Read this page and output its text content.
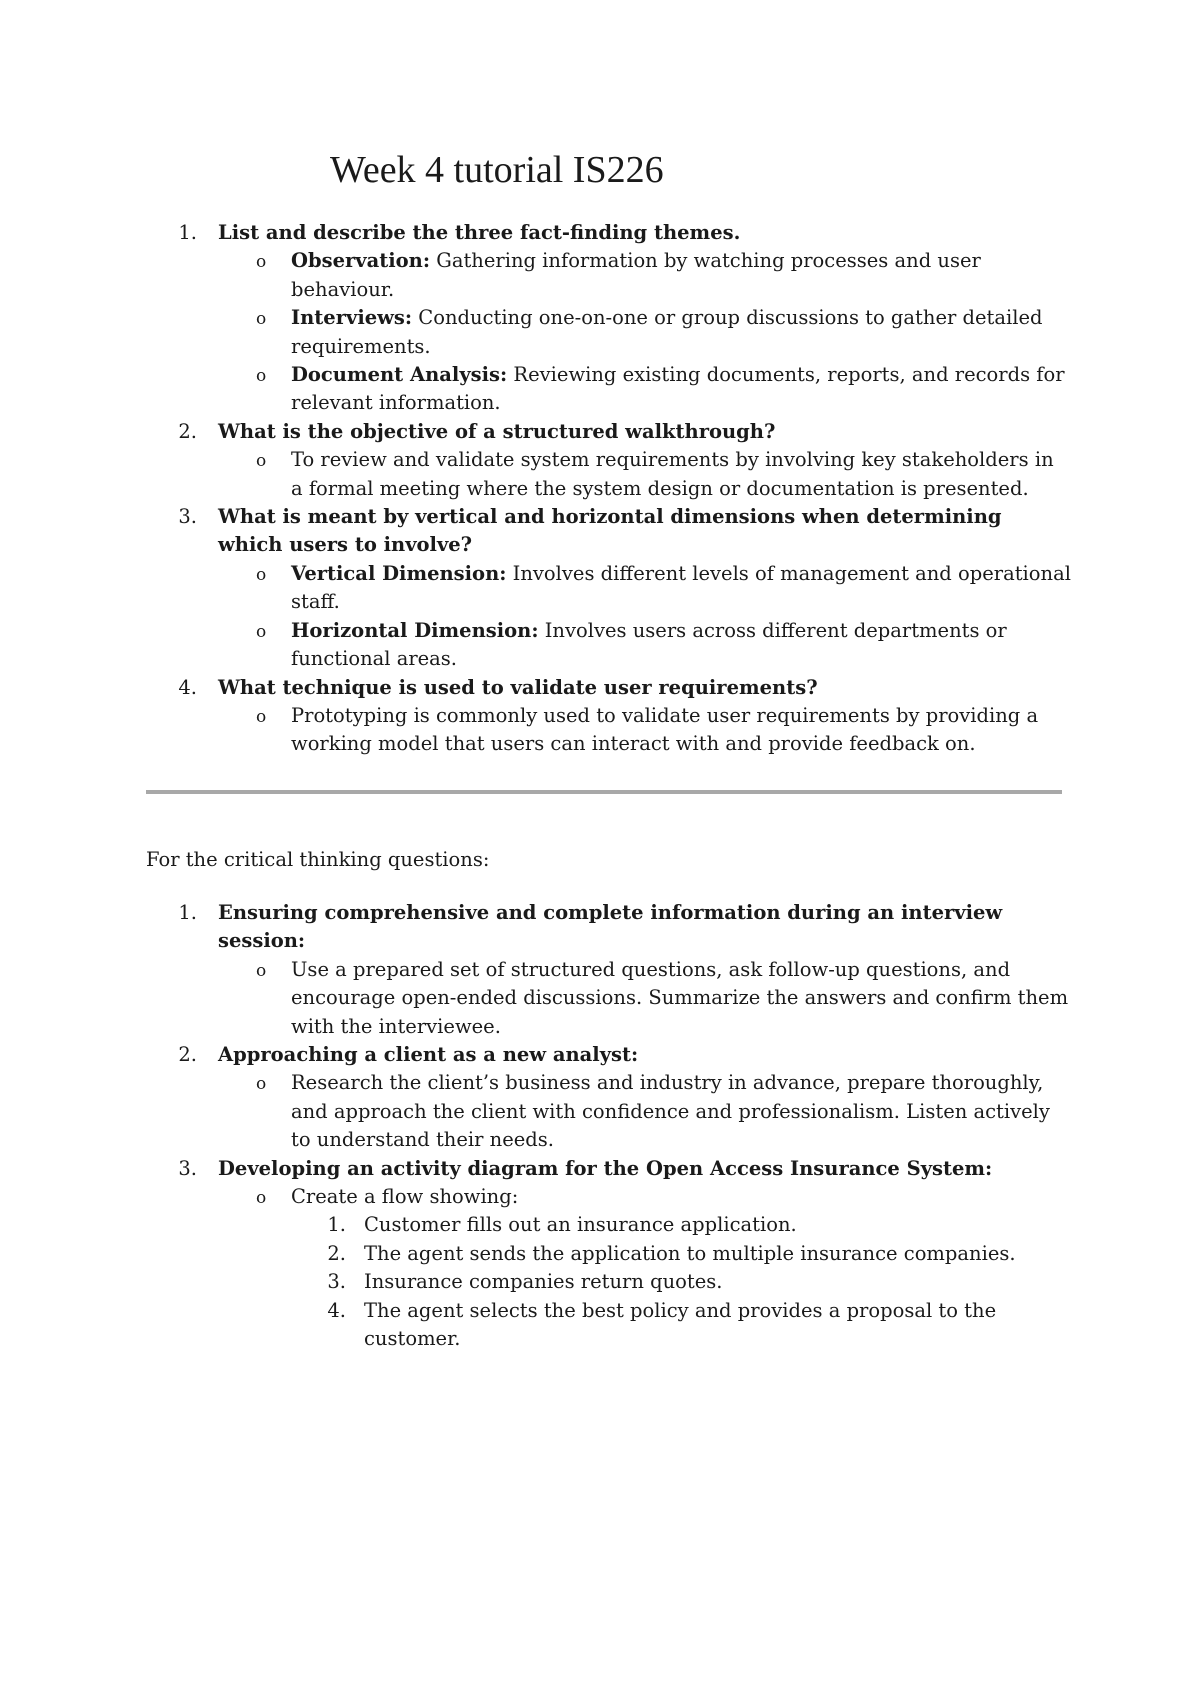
Week 4 tutorial IS226
1. List and describe the three fact-finding themes.
o Observation: Gathering information by watching processes and user behaviour.
o Interviews: Conducting one-on-one or group discussions to gather detailed requirements.
o Document Analysis: Reviewing existing documents, reports, and records for relevant information.
2. What is the objective of a structured walkthrough?
o To review and validate system requirements by involving key stakeholders in a formal meeting where the system design or documentation is presented.
3. What is meant by vertical and horizontal dimensions when determining which users to involve?
o Vertical Dimension: Involves different levels of management and operational staff.
o Horizontal Dimension: Involves users across different departments or functional areas.
4. What technique is used to validate user requirements?
o Prototyping is commonly used to validate user requirements by providing a working model that users can interact with and provide feedback on.

For the critical thinking questions:

1. Ensuring comprehensive and complete information during an interview session:
o Use a prepared set of structured questions, ask follow-up questions, and encourage open-ended discussions. Summarize the answers and confirm them with the interviewee.
2. Approaching a client as a new analyst:
o Research the client’s business and industry in advance, prepare thoroughly, and approach the client with confidence and professionalism. Listen actively to understand their needs.
3. Developing an activity diagram for the Open Access Insurance System:
o Create a flow showing:
1. Customer fills out an insurance application.
2. The agent sends the application to multiple insurance companies.
3. Insurance companies return quotes.
4. The agent selects the best policy and provides a proposal to the customer.
